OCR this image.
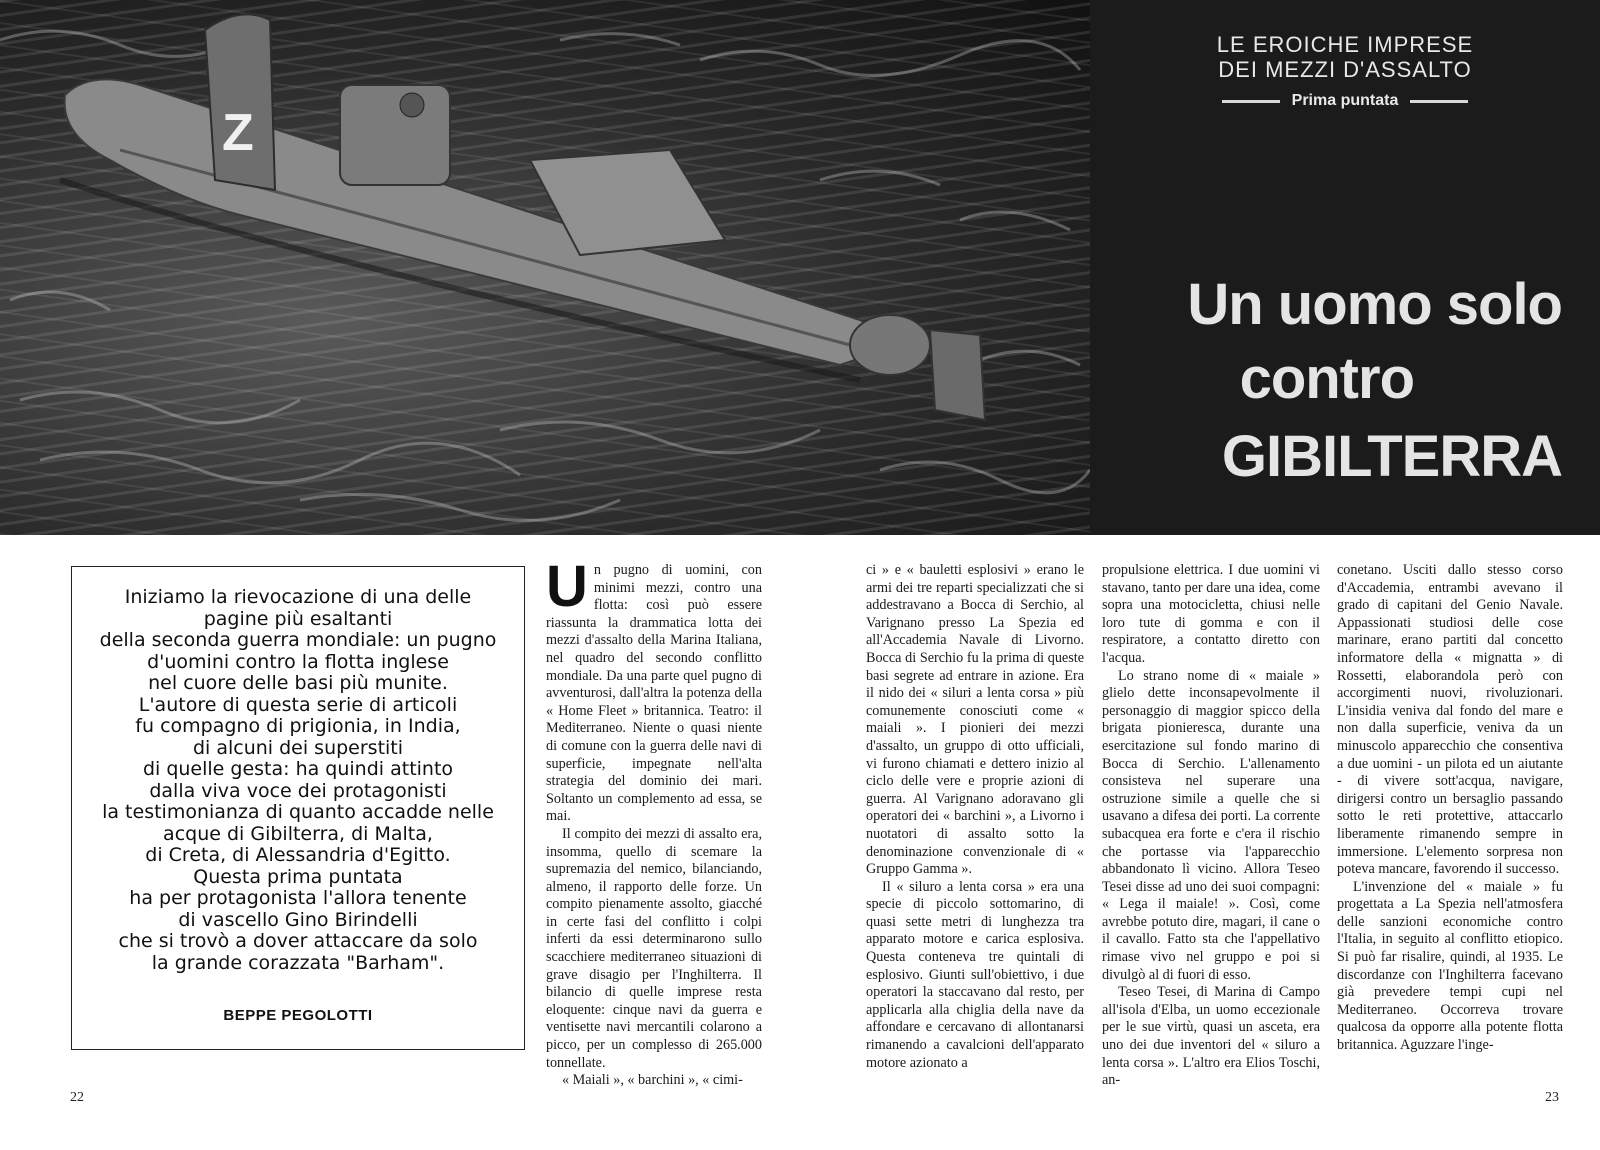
Z
LE EROICHE IMPRESE
DEI MEZZI D'ASSALTO
Prima puntata
Un uomo solo
contro
GIBILTERRA
Iniziamo la rievocazione di una delle
pagine più esaltanti
della seconda guerra mondiale: un pugno
d'uomini contro la flotta inglese
nel cuore delle basi più munite.
L'autore di questa serie di articoli
fu compagno di prigionia, in India,
di alcuni dei superstiti
di quelle gesta: ha quindi attinto
dalla viva voce dei protagonisti
la testimonianza di quanto accadde nelle
acque di Gibilterra, di Malta,
di Creta, di Alessandria d'Egitto.
Questa prima puntata
ha per protagonista l'allora tenente
di vascello Gino Birindelli
che si trovò a dover attaccare da solo
la grande corazzata "Barham".
BEPPE PEGOLOTTI

Un pugno di uomini, con minimi mezzi, contro una flotta: così può essere riassunta la drammatica lotta dei mezzi d'assalto della Marina Italiana, nel quadro del secondo conflitto mondiale. Da una parte quel pugno di avventurosi, dall'altra la potenza della « Home Fleet » britannica. Teatro: il Mediterraneo. Niente o quasi niente di comune con la guerra delle navi di superficie, impegnate nell'alta strategia del dominio dei mari. Soltanto un complemento ad essa, se mai.

Il compito dei mezzi di assalto era, insomma, quello di scemare la supremazia del nemico, bilanciando, almeno, il rapporto delle forze. Un compito pienamente assolto, giacché in certe fasi del conflitto i colpi inferti da essi determinarono sullo scacchiere mediterraneo situazioni di grave disagio per l'Inghilterra. Il bilancio di quelle imprese resta eloquente: cinque navi da guerra e ventisette navi mercantili colarono a picco, per un complesso di 265.000 tonnellate.

« Maiali », « barchini », « cimi-

ci » e « bauletti esplosivi » erano le armi dei tre reparti specializzati che si addestravano a Bocca di Serchio, al Varignano presso La Spezia ed all'Accademia Navale di Livorno. Bocca di Serchio fu la prima di queste basi segrete ad entrare in azione. Era il nido dei « siluri a lenta corsa » più comunemente conosciuti come « maiali ». I pionieri dei mezzi d'assalto, un gruppo di otto ufficiali, vi furono chiamati e dettero inizio al ciclo delle vere e proprie azioni di guerra. Al Varignano adoravano gli operatori dei « barchini », a Livorno i nuotatori di assalto sotto la denominazione convenzionale di « Gruppo Gamma ».

Il « siluro a lenta corsa » era una specie di piccolo sottomarino, di quasi sette metri di lunghezza tra apparato motore e carica esplosiva. Questa conteneva tre quintali di esplosivo. Giunti sull'obiettivo, i due operatori la staccavano dal resto, per applicarla alla chiglia della nave da affondare e cercavano di allontanarsi rimanendo a cavalcioni dell'apparato motore azionato a

propulsione elettrica. I due uomini vi stavano, tanto per dare una idea, come sopra una motocicletta, chiusi nelle loro tute di gomma e con il respiratore, a contatto diretto con l'acqua.

Lo strano nome di « maiale » glielo dette inconsapevolmente il personaggio di maggior spicco della brigata pionieresca, durante una esercitazione sul fondo marino di Bocca di Serchio. L'allenamento consisteva nel superare una ostruzione simile a quelle che si usavano a difesa dei porti. La corrente subacquea era forte e c'era il rischio che portasse via l'apparecchio abbandonato lì vicino. Allora Teseo Tesei disse ad uno dei suoi compagni: « Lega il maiale! ». Così, come avrebbe potuto dire, magari, il cane o il cavallo. Fatto sta che l'appellativo rimase vivo nel gruppo e poi si divulgò al di fuori di esso.

Teseo Tesei, di Marina di Campo all'isola d'Elba, un uomo eccezionale per le sue virtù, quasi un asceta, era uno dei due inventori del « siluro a lenta corsa ». L'altro era Elios Toschi, an-

conetano. Usciti dallo stesso corso d'Accademia, entrambi avevano il grado di capitani del Genio Navale. Appassionati studiosi delle cose marinare, erano partiti dal concetto informatore della « mignatta » di Rossetti, elaborandola però con accorgimenti nuovi, rivoluzionari. L'insidia veniva dal fondo del mare e non dalla superficie, veniva da un minuscolo apparecchio che consentiva a due uomini - un pilota ed un aiutante - di vivere sott'acqua, navigare, dirigersi contro un bersaglio passando sotto le reti protettive, attaccarlo liberamente rimanendo sempre in immersione. L'elemento sorpresa non poteva mancare, favorendo il successo.

L'invenzione del « maiale » fu progettata a La Spezia nell'atmosfera delle sanzioni economiche contro l'Italia, in seguito al conflitto etiopico. Si può far risalire, quindi, al 1935. Le discordanze con l'Inghilterra facevano già prevedere tempi cupi nel Mediterraneo. Occorreva trovare qualcosa da opporre alla potente flotta britannica. Aguzzare l'inge-

22	23
